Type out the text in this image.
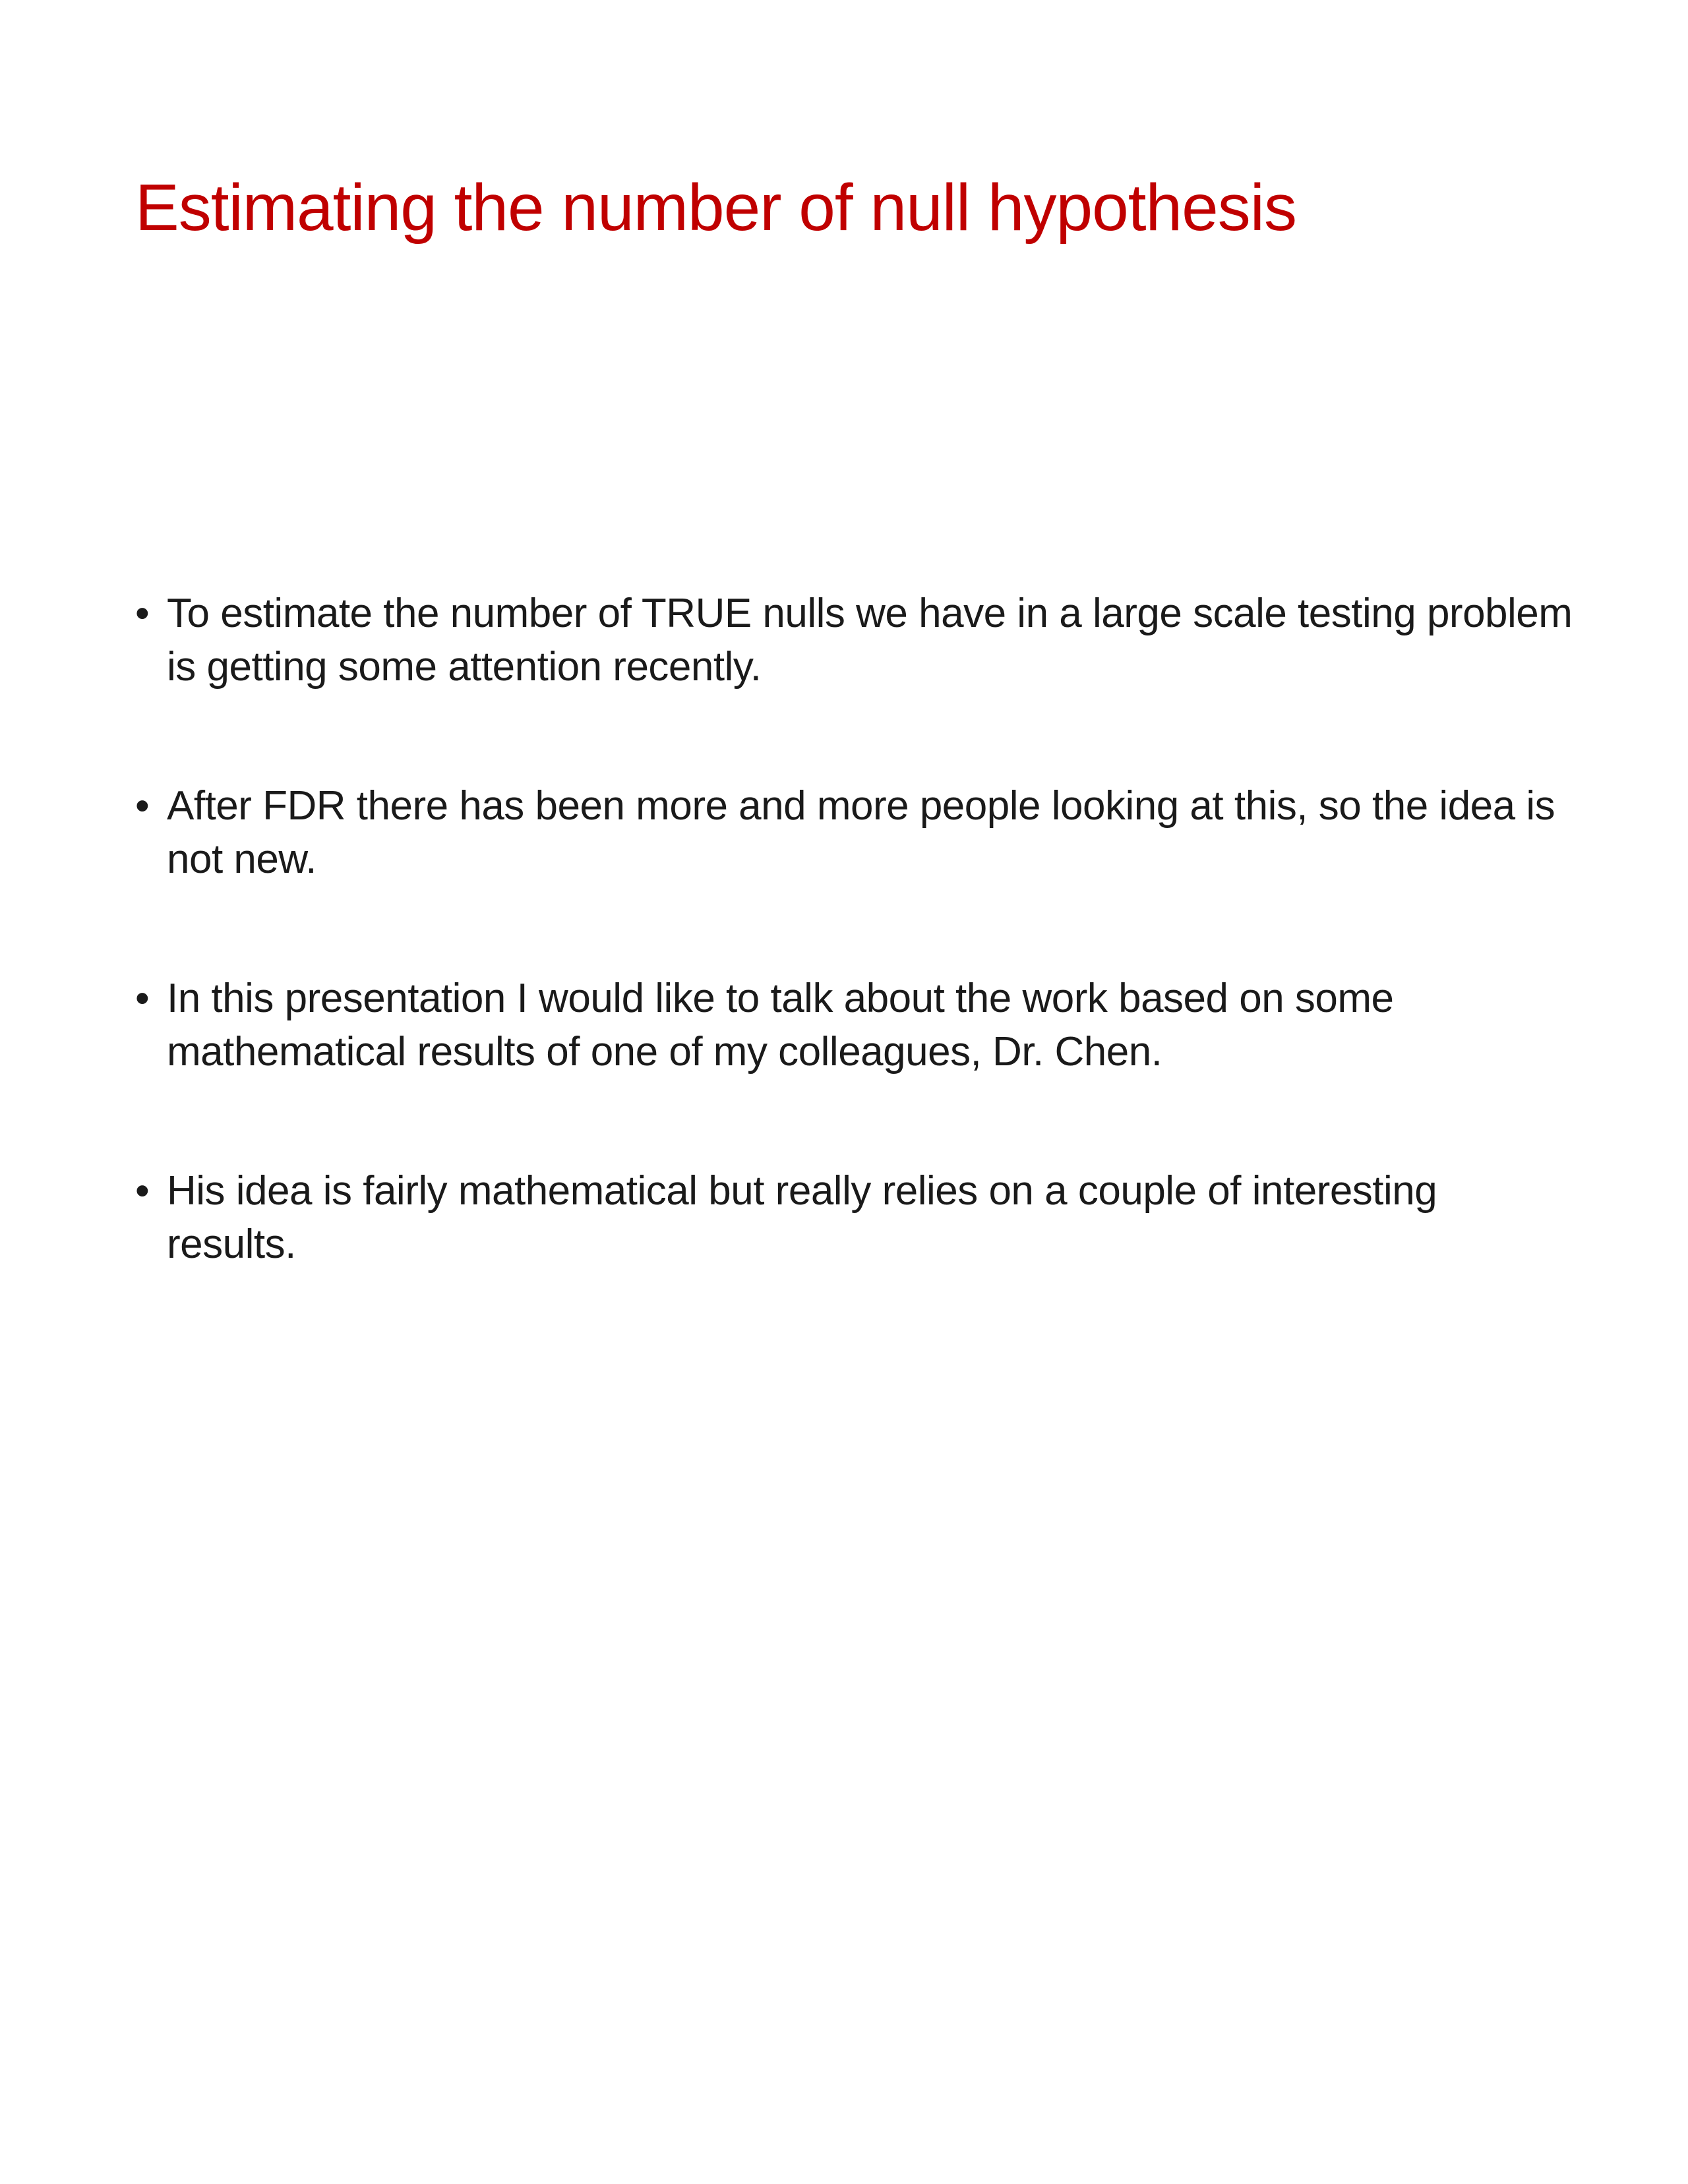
Estimating the number of null hypothesis
• To estimate the number of TRUE nulls we have in a large scale testing problem is getting some attention recently.
• After FDR there has been more and more people looking at this, so the idea is not new.
• In this presentation I would like to talk about the work based on some mathematical results of one of my colleagues, Dr. Chen.
• His idea is fairly mathematical but really relies on a couple of interesting results.
